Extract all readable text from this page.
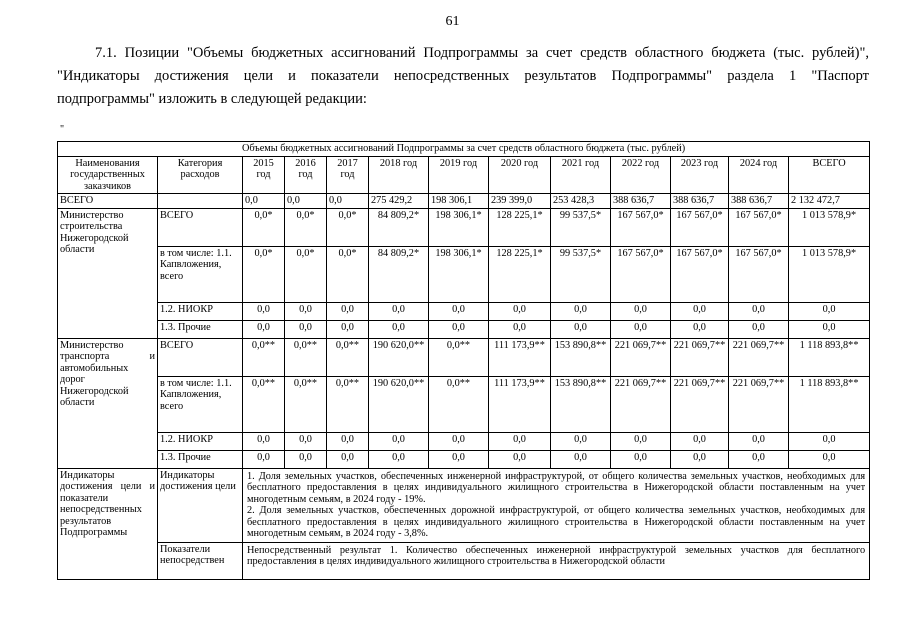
61
7.1. Позиции "Объемы бюджетных ассигнований Подпрограммы за счет средств областного бюджета (тыс. рублей)",
"Индикаторы достижения цели и показатели непосредственных результатов Подпрограммы" раздела 1 "Паспорт
подпрограммы" изложить в следующей редакции:
"
Объемы бюджетных ассигнований Подпрограммы за счет средств областного бюджета (тыс. рублей)												
Наименования государственных заказчиков	Категория расходов	2015 год	2016 год	2017 год	2018 год	2019 год	2020 год	2021 год	2022 год	2023 год	2024 год	ВСЕГО
ВСЕГО		0,0	0,0	0,0	275 429,2	198 306,1	239 399,0	253 428,3	388 636,7	388 636,7	388 636,7	2 132 472,7
Министерство строительства Нижегородской области	ВСЕГО	0,0*	0,0*	0,0*	84 809,2*	198 306,1*	128 225,1*	99 537,5*	167 567,0*	167 567,0*	167 567,0*	1 013 578,9*
	в том числе: 1.1. Капвложения, всего	0,0*	0,0*	0,0*	84 809,2*	198 306,1*	128 225,1*	99 537,5*	167 567,0*	167 567,0*	167 567,0*	1 013 578,9*
	1.2. НИОКР	0,0	0,0	0,0	0,0	0,0	0,0	0,0	0,0	0,0	0,0	0,0
	1.3. Прочие	0,0	0,0	0,0	0,0	0,0	0,0	0,0	0,0	0,0	0,0	0,0
Министерство транспорта и автомобильных дорог Нижегородской области	ВСЕГО	0,0**	0,0**	0,0**	190 620,0**	0,0**	111 173,9**	153 890,8**	221 069,7**	221 069,7**	221 069,7**	1 118 893,8**
	в том числе: 1.1. Капвложения, всего	0,0**	0,0**	0,0**	190 620,0**	0,0**	111 173,9**	153 890,8**	221 069,7**	221 069,7**	221 069,7**	1 118 893,8**
	1.2. НИОКР	0,0	0,0	0,0	0,0	0,0	0,0	0,0	0,0	0,0	0,0	0,0
	1.3. Прочие	0,0	0,0	0,0	0,0	0,0	0,0	0,0	0,0	0,0	0,0	0,0
Индикаторы достижения цели и показатели непосредственных результатов Подпрограммы	Индикаторы достижения цели	1. Доля земельных участков, обеспеченных инженерной инфраструктурой, от общего количества земельных участков, необходимых для бесплатного предоставления в целях индивидуального жилищного строительства в Нижегородской области поставленным на учет многодетным семьям, в 2024 году - 19%.
2. Доля земельных участков, обеспеченных дорожной инфраструктурой, от общего количества земельных участков, необходимых для бесплатного предоставления в целях индивидуального жилищного строительства в Нижегородской области поставленным на учет многодетным семьям, в 2024 году - 3,8%.										

	Показатели непосредствен	Непосредственный результат 1. Количество обеспеченных инженерной инфраструктурой земельных участков для бесплатного предоставления в целях индивидуального жилищного строительства в Нижегородской области										
